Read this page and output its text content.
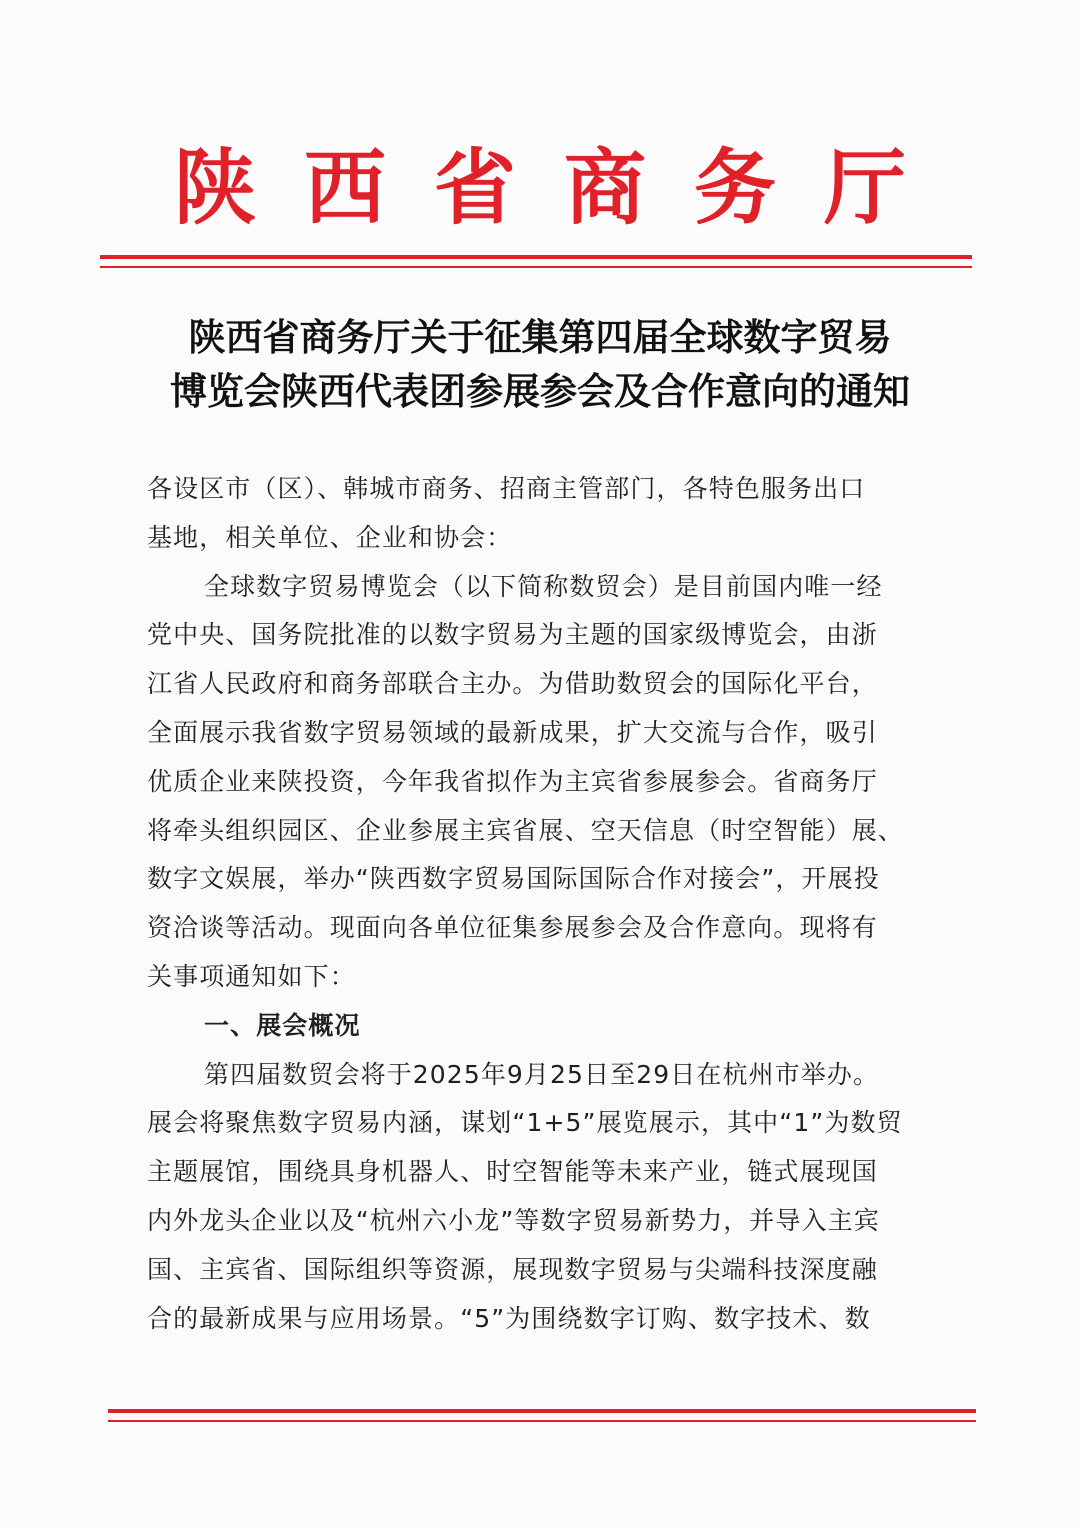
陕西省商务厅
陕西省商务厅关于征集第四届全球数字贸易
博览会陕西代表团参展参会及合作意向的通知
各设区市（区）、韩城市商务、招商主管部门，各特色服务出口
基地，相关单位、企业和协会：
全球数字贸易博览会（以下简称数贸会）是目前国内唯一经
党中央、国务院批准的以数字贸易为主题的国家级博览会，由浙
江省人民政府和商务部联合主办。为借助数贸会的国际化平台，
全面展示我省数字贸易领域的最新成果，扩大交流与合作，吸引
优质企业来陕投资，今年我省拟作为主宾省参展参会。省商务厅
将牵头组织园区、企业参展主宾省展、空天信息（时空智能）展、
数字文娱展，举办“陕西数字贸易国际国际合作对接会”，开展投
资洽谈等活动。现面向各单位征集参展参会及合作意向。现将有
关事项通知如下：
一、展会概况
第四届数贸会将于2025年9月25日至29日在杭州市举办。
展会将聚焦数字贸易内涵，谋划“1+5”展览展示，其中“1”为数贸
主题展馆，围绕具身机器人、时空智能等未来产业，链式展现国
内外龙头企业以及“杭州六小龙”等数字贸易新势力，并导入主宾
国、主宾省、国际组织等资源，展现数字贸易与尖端科技深度融
合的最新成果与应用场景。“5”为围绕数字订购、数字技术、数
